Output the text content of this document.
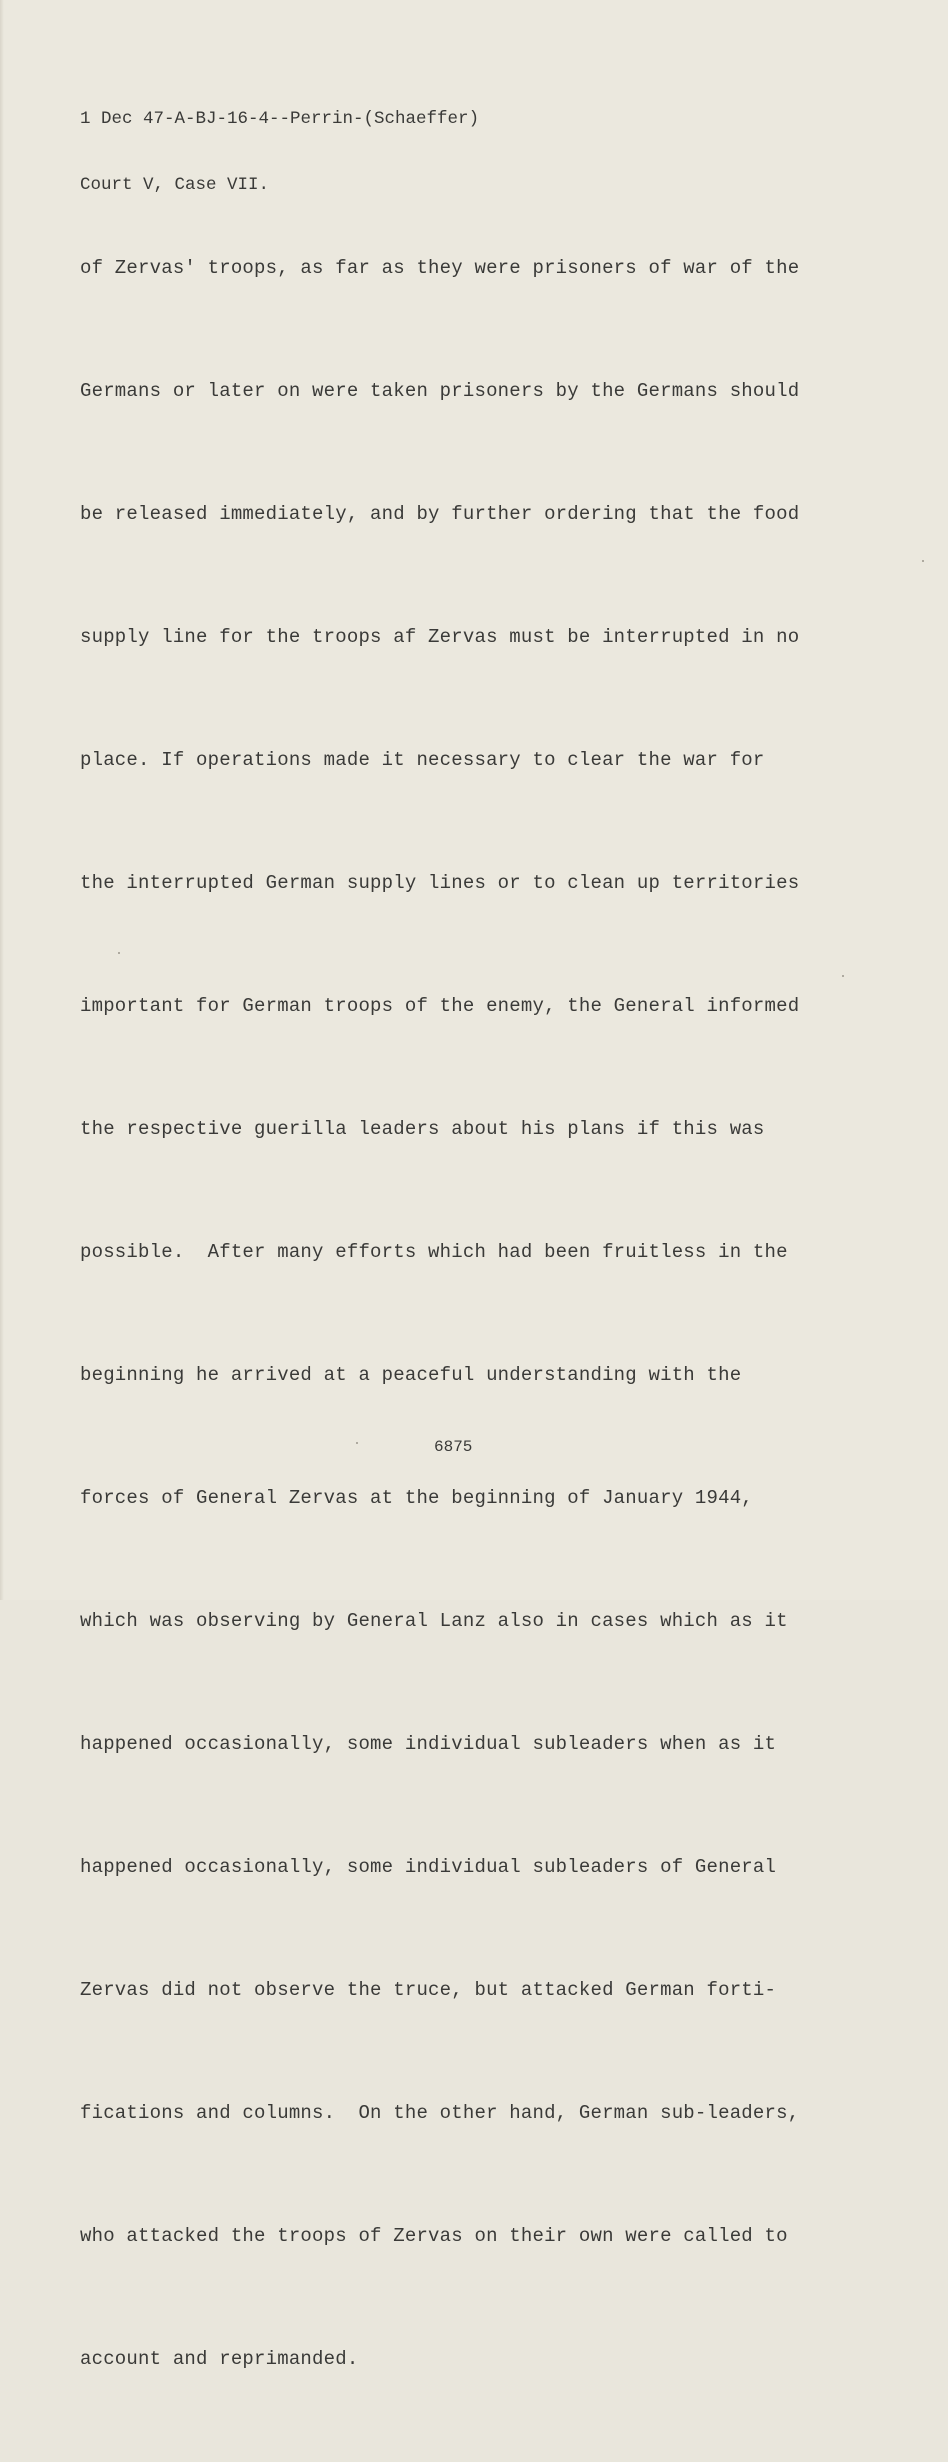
1 Dec 47-A-BJ-16-4--Perrin-(Schaeffer)

Court V, Case VII.

of Zervas' troops, as far as they were prisoners of war of the

Germans or later on were taken prisoners by the Germans should

be released immediately, and by further ordering that the food

supply line for the troops af Zervas must be interrupted in no

place. If operations made it necessary to clear the war for

the interrupted German supply lines or to clean up territories

important for German troops of the enemy, the General informed

the respective guerilla leaders about his plans if this was

possible.  After many efforts which had been fruitless in the

beginning he arrived at a peaceful understanding with the

forces of General Zervas at the beginning of January 1944,

which was observing by General Lanz also in cases which as it

happened occasionally, some individual subleaders when as it

happened occasionally, some individual subleaders of General

Zervas did not observe the truce, but attacked German forti-

fications and columns.  On the other hand, German sub-leaders,

who attacked the troops of Zervas on their own were called to

account and reprimanded.

6875
